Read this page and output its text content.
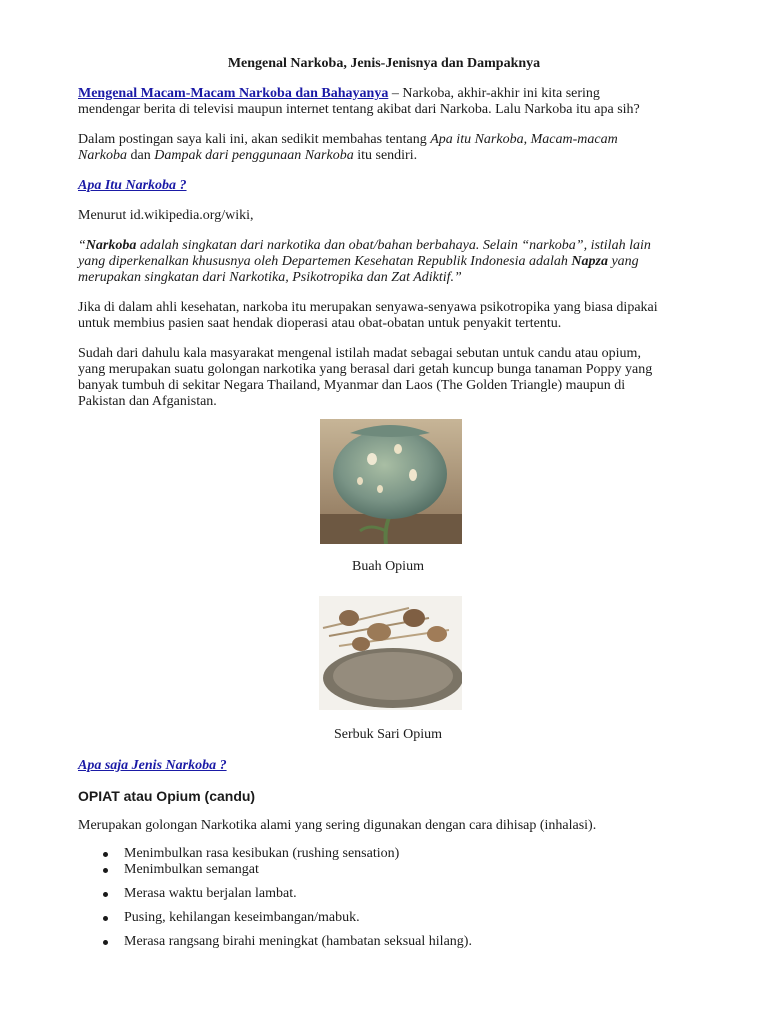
Mengenal Narkoba, Jenis-Jenisnya dan Dampaknya

Mengenal Macam-Macam Narkoba dan Bahayanya – Narkoba, akhir-akhir ini kita sering

mendengar berita di televisi maupun internet tentang akibat dari Narkoba. Lalu Narkoba itu apa sih?

Dalam postingan saya kali ini, akan sedikit membahas tentang Apa itu Narkoba, Macam-macam

Narkoba dan Dampak dari penggunaan Narkoba itu sendiri.

Apa Itu Narkoba ?

Menurut id.wikipedia.org/wiki,

“Narkoba adalah singkatan dari narkotika dan obat/bahan berbahaya. Selain “narkoba”, istilah lain

yang diperkenalkan khususnya oleh Departemen Kesehatan Republik Indonesia adalah Napza yang

merupakan singkatan dari Narkotika, Psikotropika dan Zat Adiktif.”

Jika di dalam ahli kesehatan, narkoba itu merupakan senyawa-senyawa psikotropika yang biasa dipakai

untuk membius pasien saat hendak dioperasi atau obat-obatan untuk penyakit tertentu.

Sudah dari dahulu kala masyarakat mengenal istilah madat sebagai sebutan untuk candu atau opium,

yang merupakan suatu golongan narkotika yang berasal dari getah kuncup bunga tanaman Poppy yang

banyak tumbuh di sekitar Negara Thailand, Myanmar dan Laos (The Golden Triangle) maupun di

Pakistan dan Afganistan.

Buah Opium

Serbuk Sari Opium

Apa saja Jenis Narkoba ?

OPIAT atau Opium (candu)

Merupakan golongan Narkotika alami yang sering digunakan dengan cara dihisap (inhalasi).

Menimbulkan rasa kesibukan (rushing sensation)
Menimbulkan semangat
Merasa waktu berjalan lambat.
Pusing, kehilangan keseimbangan/mabuk.
Merasa rangsang birahi meningkat (hambatan seksual hilang).
